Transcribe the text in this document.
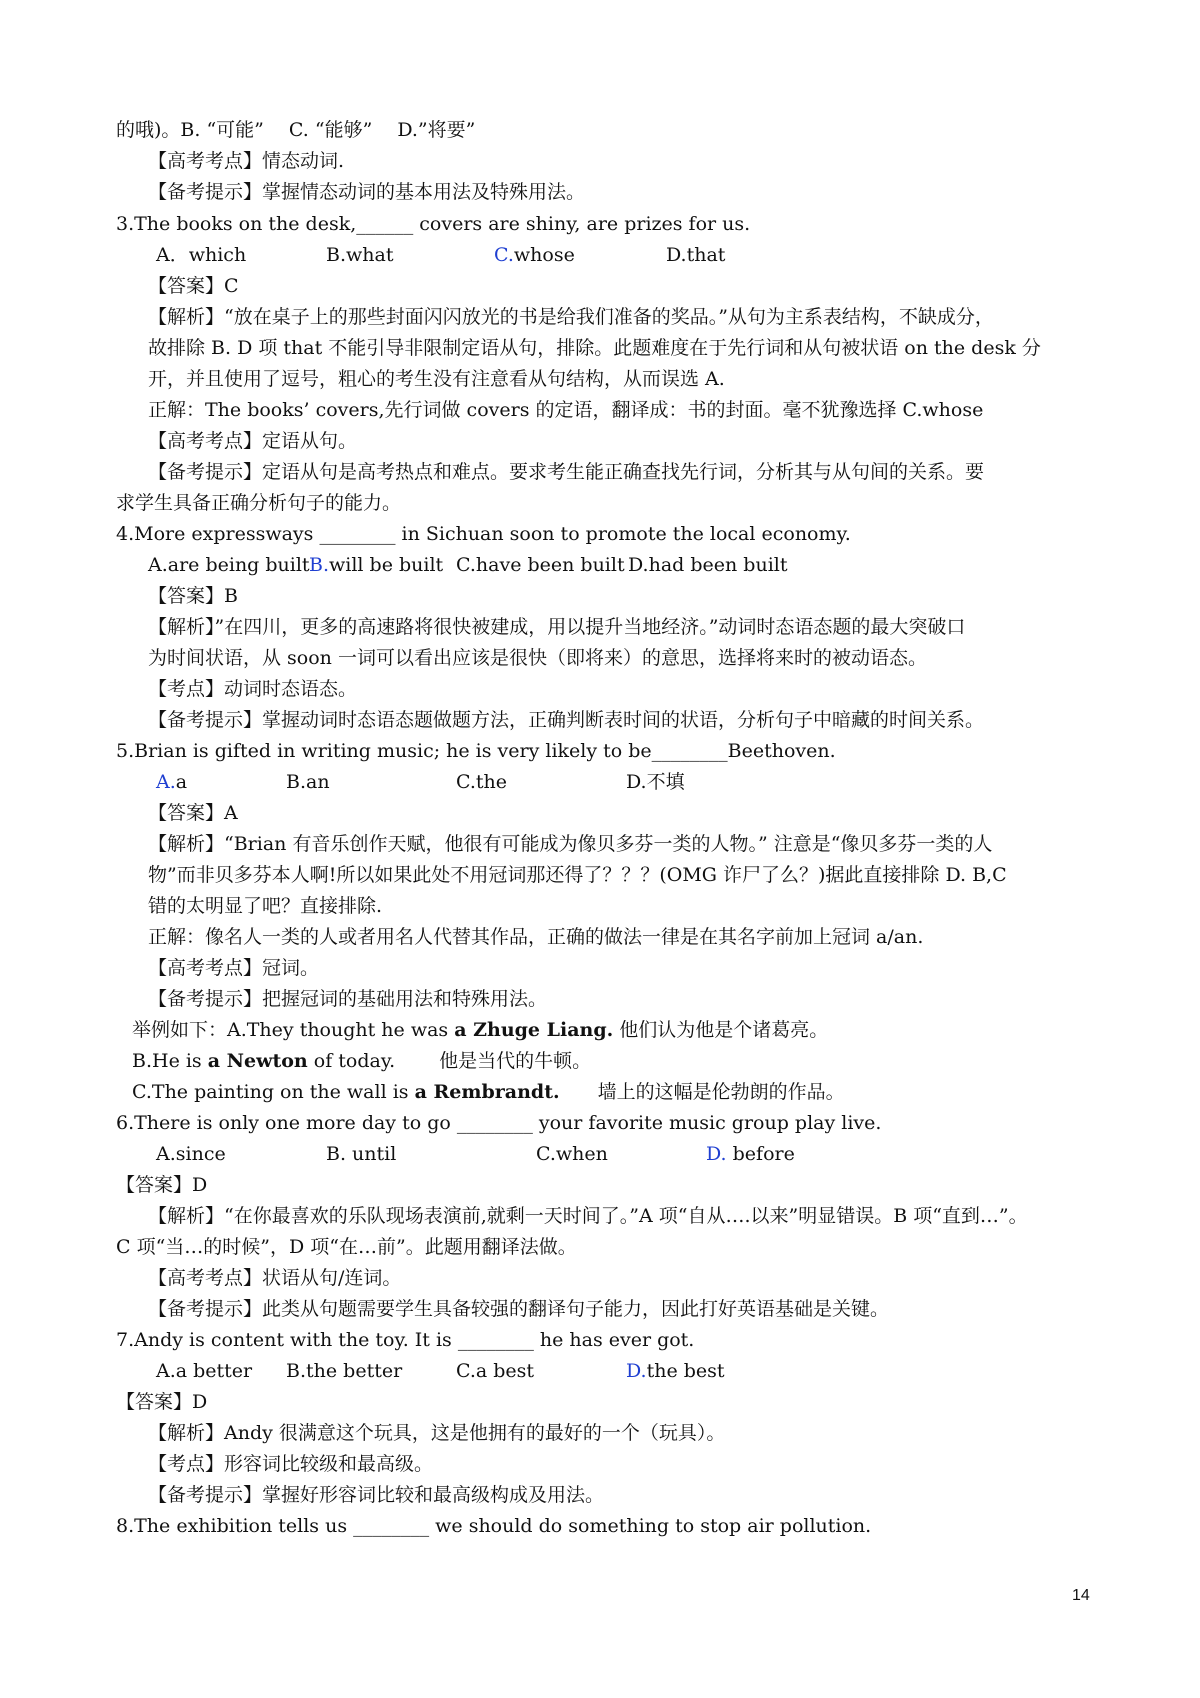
的哦)。B. “可能”　 C. “能够”　 D.”将要”
【高考考点】情态动词.
【备考提示】掌握情态动词的基本用法及特殊用法。
3.The books on the desk,______ covers are shiny, are prizes for us.
A．which	B.what	C.whose	D.that
【答案】C
【解析】“放在桌子上的那些封面闪闪放光的书是给我们准备的奖品。”从句为主系表结构，不缺成分，
故排除 B. D 项 that 不能引导非限制定语从句，排除。此题难度在于先行词和从句被状语 on the desk 分
开，并且使用了逗号，粗心的考生没有注意看从句结构，从而误选 A.
正解：The books’ covers,先行词做 covers 的定语，翻译成：书的封面。毫不犹豫选择 C.whose
【高考考点】定语从句。
【备考提示】定语从句是高考热点和难点。要求考生能正确查找先行词，分析其与从句间的关系。要
求学生具备正确分析句子的能力。
4.More expressways ________ in Sichuan soon to promote the local economy.
A.are being built B.will be built C.have been built D.had been built
【答案】B
【解析】”在四川，更多的高速路将很快被建成，用以提升当地经济。”动词时态语态题的最大突破口
为时间状语，从 soon 一词可以看出应该是很快（即将来）的意思，选择将来时的被动语态。
【考点】动词时态语态。
【备考提示】掌握动词时态语态题做题方法，正确判断表时间的状语，分析句子中暗藏的时间关系。
5.Brian is gifted in writing music; he is very likely to be________Beethoven.
A.a	B.an	C.the	D.不填
【答案】A
【解析】“Brian 有音乐创作天赋，他很有可能成为像贝多芬一类的人物。” 注意是“像贝多芬一类的人
物”而非贝多芬本人啊!所以如果此处不用冠词那还得了？？？(OMG 诈尸了么？)据此直接排除 D. B,C
错的太明显了吧？直接排除.
正解：像名人一类的人或者用名人代替其作品，正确的做法一律是在其名字前加上冠词 a/an.
【高考考点】冠词。
【备考提示】把握冠词的基础用法和特殊用法。
举例如下：A.They thought he was a Zhuge Liang. 他们认为他是个诸葛亮。
B.He is a Newton of today.　　 他是当代的牛顿。
C.The painting on the wall is a Rembrandt.　　墙上的这幅是伦勃朗的作品。
6.There is only one more day to go ________ your favorite music group play live.
A.since	B. until	C.when	D. before
【答案】D
【解析】“在你最喜欢的乐队现场表演前,就剩一天时间了。”A 项“自从….以来”明显错误。B 项“直到…”。
C 项“当…的时候”，D 项“在…前”。此题用翻译法做。
【高考考点】状语从句/连词。
【备考提示】此类从句题需要学生具备较强的翻译句子能力，因此打好英语基础是关键。
7.Andy is content with the toy. It is ________ he has ever got.
A.a better B.the better	C.a best	D.the best
【答案】D
【解析】Andy 很满意这个玩具，这是他拥有的最好的一个（玩具）。
【考点】形容词比较级和最高级。
【备考提示】掌握好形容词比较和最高级构成及用法。
8.The exhibition tells us ________ we should do something to stop air pollution.
14
